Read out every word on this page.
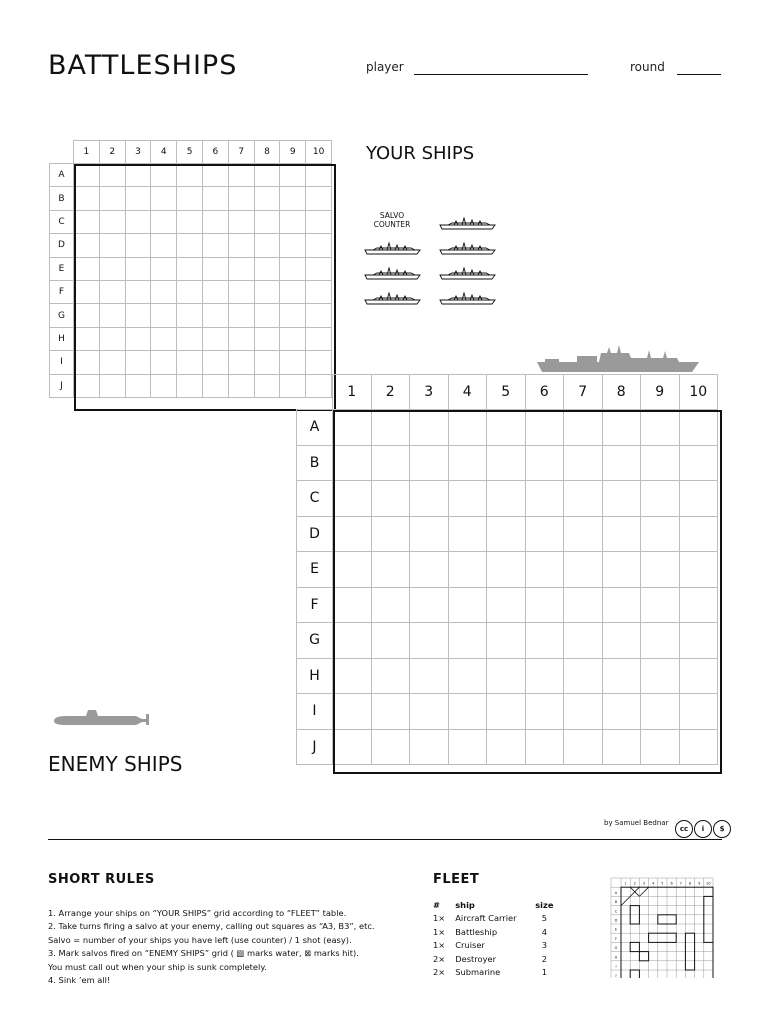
BATTLESHIPS	player	round
	1	2	3	4	5	6	7	8	9	10
A										
B										
C										
D										
E										
F										
G										
H										
I										
J										
YOUR SHIPS
SALVO COUNTER
	1	2	3	4	5	6	7	8	9	10
A										
B										
C										
D										
E										
F										
G										
H										
I										
J										
ENEMY SHIPS
by Samuel Bednar
cc i $
SHORT RULES
1. Arrange your ships on “YOUR SHIPS” grid according to “FLEET” table.
2. Take turns firing a salvo at your enemy, calling out squares as “A3, B3”, etc.
Salvo = number of your ships you have left (use counter) / 1 shot (easy).
3. Mark salvos fired on “ENEMY SHIPS” grid ( ▧ marks water, ⊠ marks hit).
You must call out when your ship is sunk completely.
4. Sink ’em all!
FLEET
#	ship	size
1×	Aircraft Carrier	5
1×	Battleship	4
1×	Cruiser	3
2×	Destroyer	2
2×	Submarine	1
1 2 3 4 5 6 7 8 9 10
A
B
C
D
E
F
G
H
I
J
